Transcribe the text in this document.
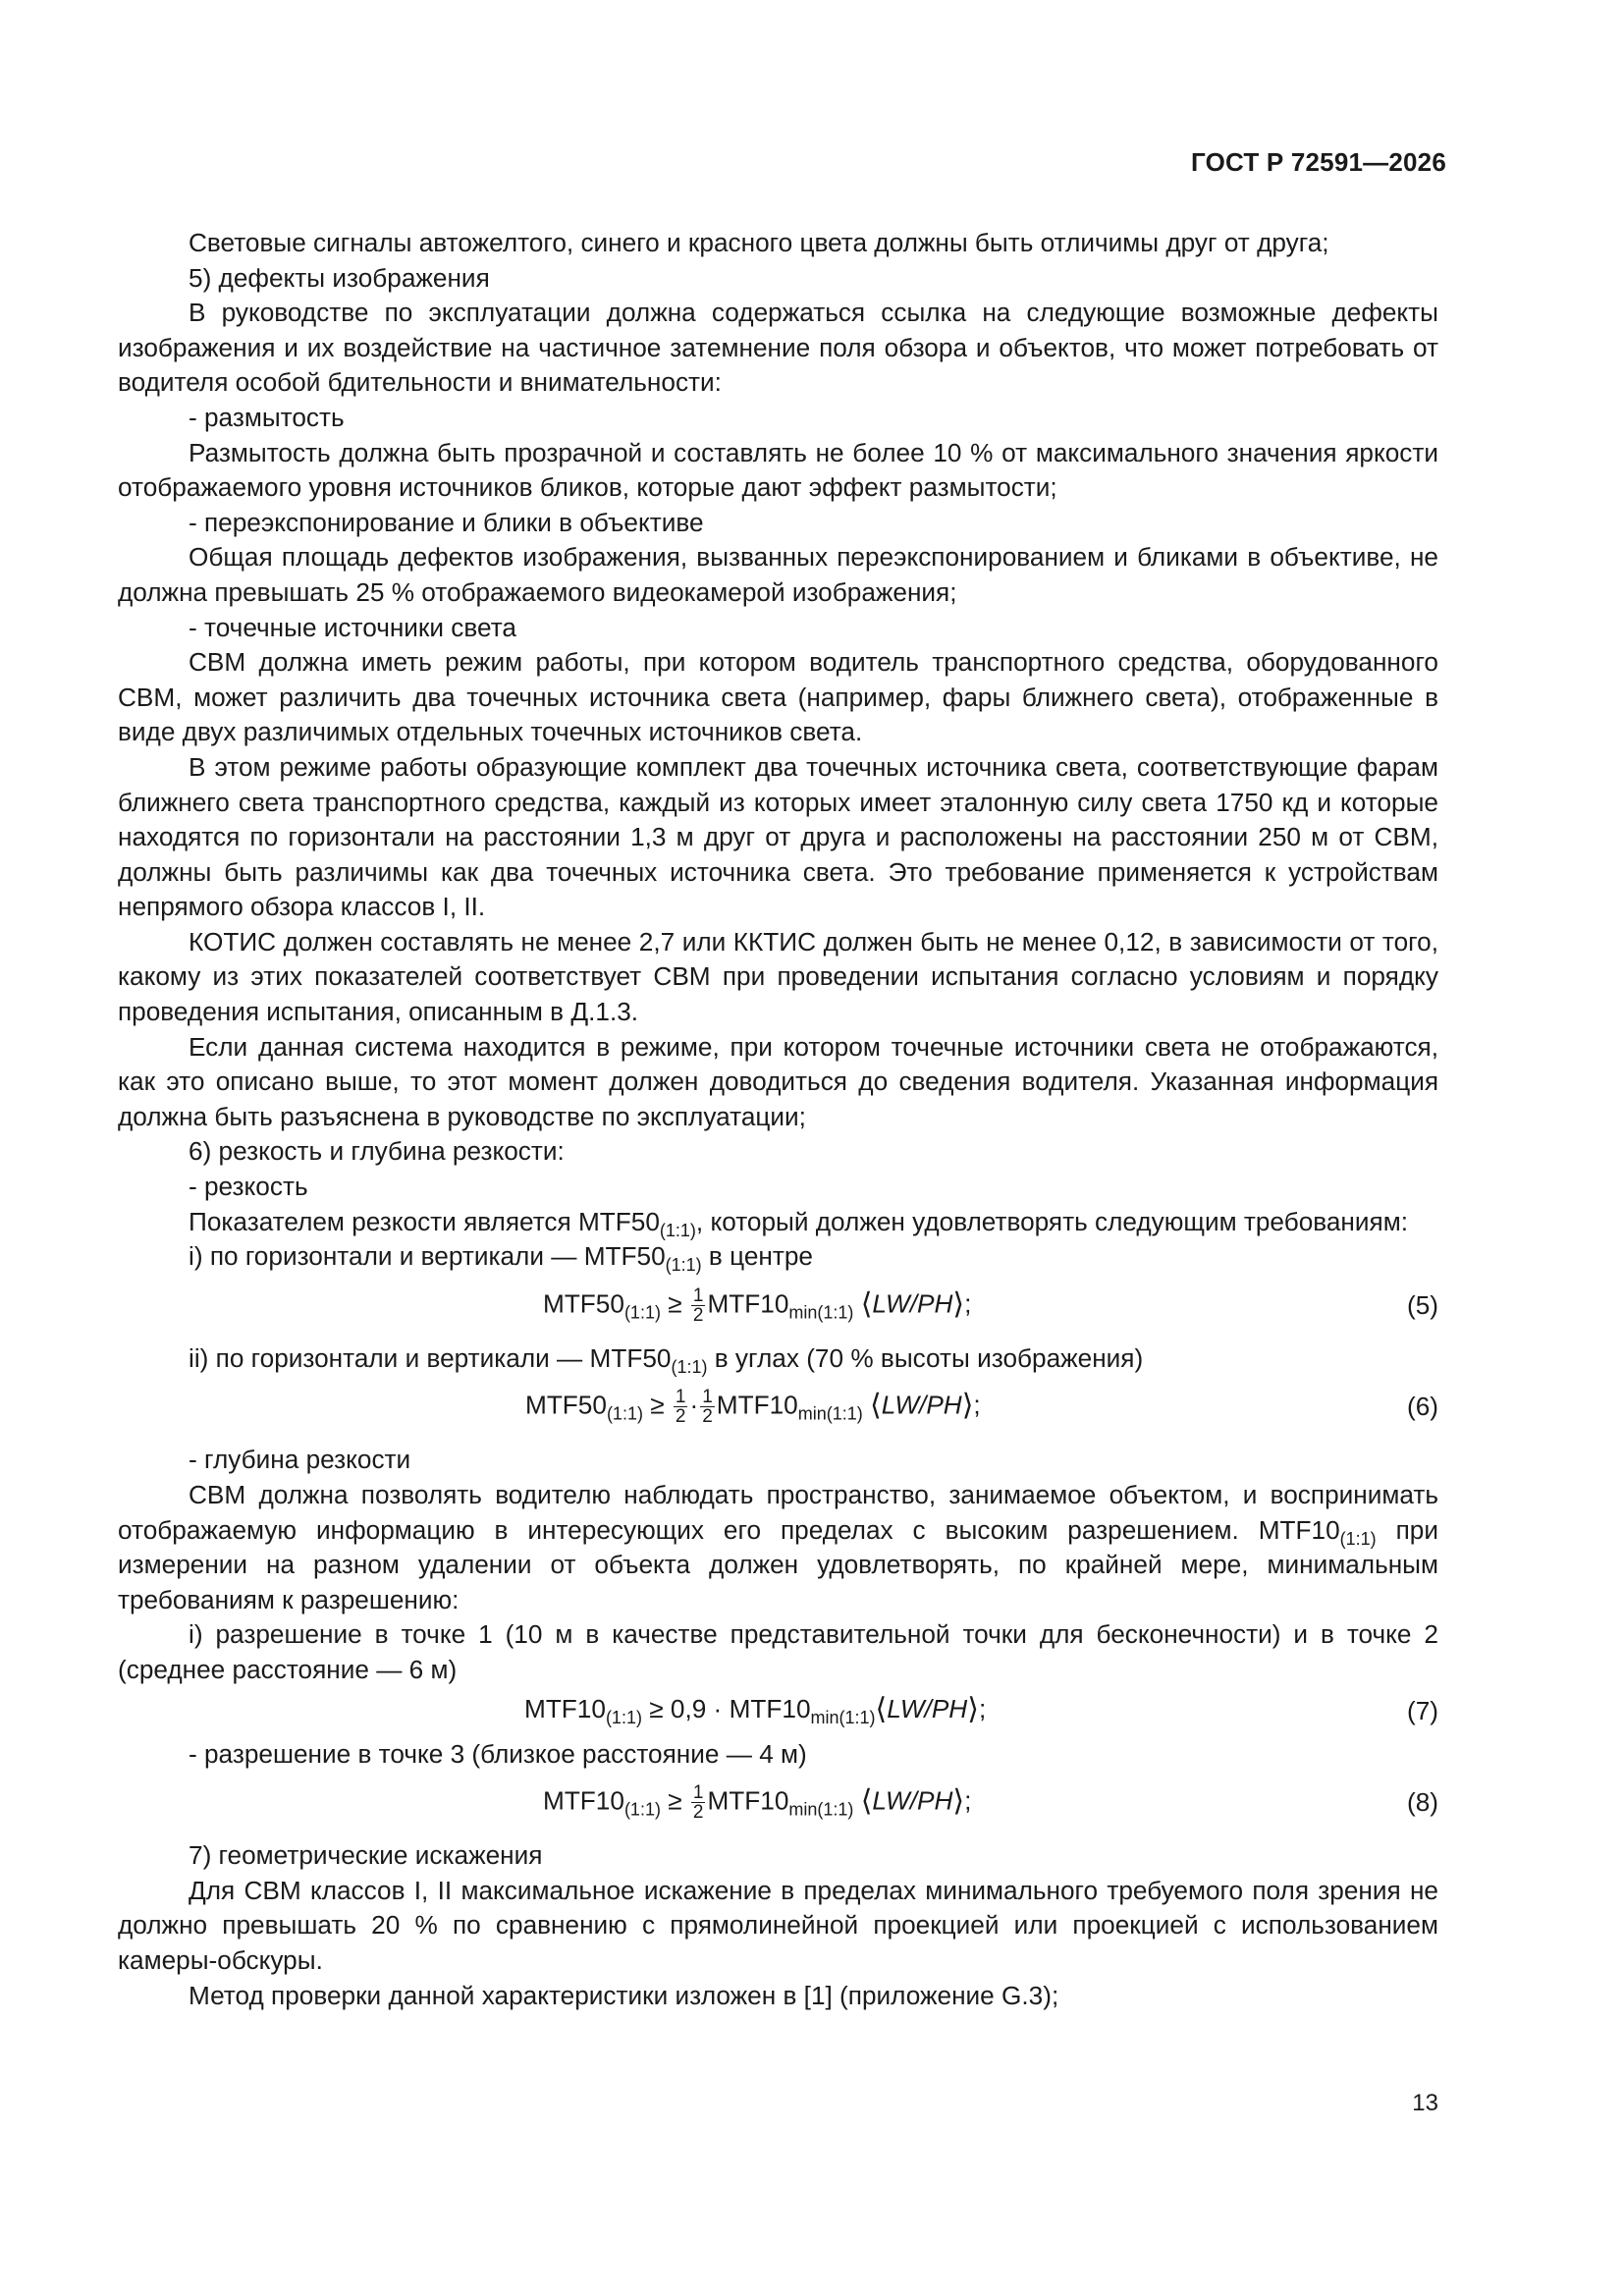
ГОСТ Р 72591—2026

Световые сигналы автожелтого, синего и красного цвета должны быть отличимы друг от друга;

5) дефекты изображения

В руководстве по эксплуатации должна содержаться ссылка на следующие возможные дефекты изображения и их воздействие на частичное затемнение поля обзора и объектов, что может потребовать от водителя особой бдительности и внимательности:

- размытость

Размытость должна быть прозрачной и составлять не более 10 % от максимального значения яркости отображаемого уровня источников бликов, которые дают эффект размытости;

- переэкспонирование и блики в объективе

Общая площадь дефектов изображения, вызванных переэкспонированием и бликами в объективе, не должна превышать 25 % отображаемого видеокамерой изображения;

- точечные источники света

СВМ должна иметь режим работы, при котором водитель транспортного средства, оборудованного СВМ, может различить два точечных источника света (например, фары ближнего света), отображенные в виде двух различимых отдельных точечных источников света.

В этом режиме работы образующие комплект два точечных источника света, соответствующие фарам ближнего света транспортного средства, каждый из которых имеет эталонную силу света 1750 кд и которые находятся по горизонтали на расстоянии 1,3 м друг от друга и расположены на расстоянии 250 м от СВМ, должны быть различимы как два точечных источника света. Это требование применяется к устройствам непрямого обзора классов I, II.

КОТИС должен составлять не менее 2,7 или ККТИС должен быть не менее 0,12, в зависимости от того, какому из этих показателей соответствует СВМ при проведении испытания согласно условиям и порядку проведения испытания, описанным в Д.1.3.

Если данная система находится в режиме, при котором точечные источники света не отображаются, как это описано выше, то этот момент должен доводиться до сведения водителя. Указанная информация должна быть разъяснена в руководстве по эксплуатации;

6) резкость и глубина резкости:

- резкость

Показателем резкости является $MTF50_{(1:1)}$, который должен удовлетворять следующим требованиям:

i) по горизонтали и вертикали — $MTF50_{(1:1)}$ в центре

$MTF50_{(1:1)} \ge \frac{1}{2} MTF10_{min(1:1)}$ ⟨LW/PH⟩;	(5)

ii) по горизонтали и вертикали — $MTF50_{(1:1)}$ в углах (70 % высоты изображения)

$MTF50_{(1:1)} \ge \frac{1}{2} \cdot \frac{1}{2} MTF10_{min(1:1)}$ ⟨LW/PH⟩;	(6)

- глубина резкости

СВМ должна позволять водителю наблюдать пространство, занимаемое объектом, и воспринимать отображаемую информацию в интересующих его пределах с высоким разрешением. $MTF10_{(1:1)}$ при измерении на разном удалении от объекта должен удовлетворять, по крайней мере, минимальным требованиям к разрешению:

i) разрешение в точке 1 (10 м в качестве представительной точки для бесконечности) и в точке 2 (среднее расстояние — 6 м)

$MTF10_{(1:1)} \ge 0,9$ · $MTF10_{min(1:1)}⟨LW/PH⟩$;	(7)

- разрешение в точке 3 (близкое расстояние — 4 м)

$MTF10_{(1:1)} \ge \frac{1}{2} MTF10_{min(1:1)}$ ⟨LW/PH⟩;	(8)

7) геометрические искажения

Для СВМ классов I, II максимальное искажение в пределах минимального требуемого поля зрения не должно превышать 20 % по сравнению с прямолинейной проекцией или проекцией с использованием камеры-обскуры.

Метод проверки данной характеристики изложен в [1] (приложение G.3);

13
